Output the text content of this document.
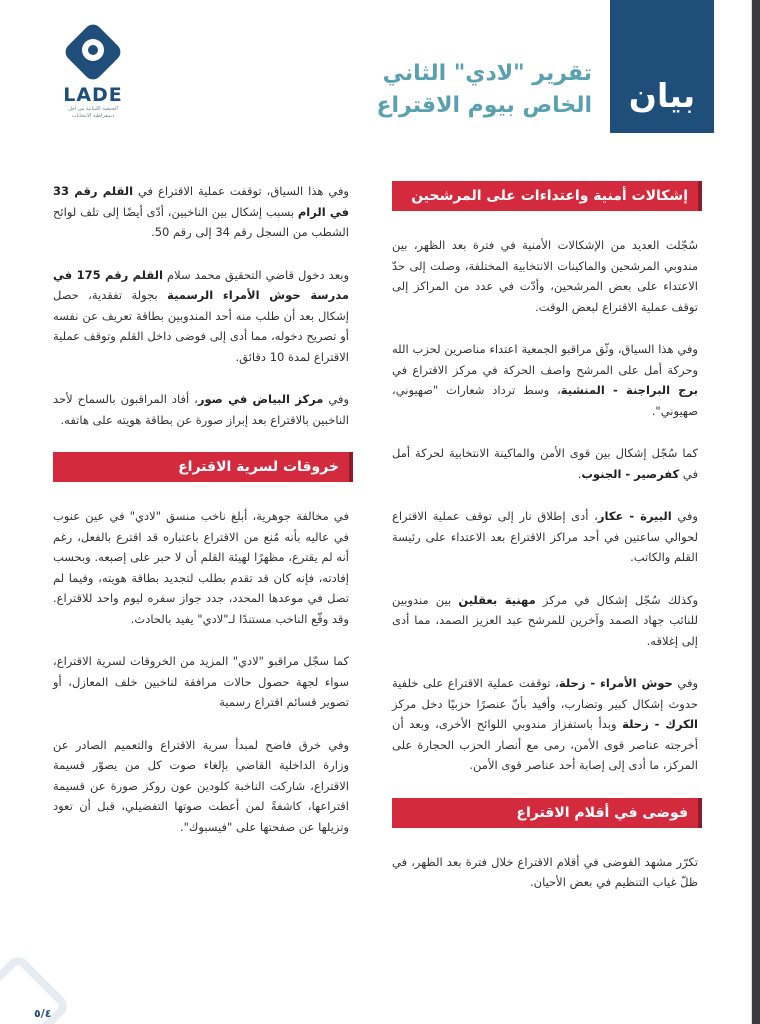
بيان
تقرير "لادي" الثاني
الخاص بيوم الاقتراع
LADE
الجمعية اللبنانية من أجل
ديمقراطية الانتخابات
إشكالات أمنية واعتداءات على المرشحين

سُجّلت العديد من الإشكالات الأمنية في فترة بعد الظهر، بين مندوبي المرشحين والماكينات الانتخابية المختلفة، وصلت إلى حدّ الاعتداء على بعض المرشحين، وأدّت في عدد من المراكز إلى توقف عملية الاقتراع لبعض الوقت.

وفي هذا السياق، وثّق مراقبو الجمعية اعتداء مناصرين لحزب الله وحركة أمل على المرشح واصف الحركة في مركز الاقتراع في برج البراجنة - المنشية، وسط ترداد شعارات "صهيوني، صهيوني".

كما سُجّل إشكال بين قوى الأمن والماكينة الانتخابية لحركة أمل في كفرصير - الجنوب.

وفي البيرة - عكار، أدى إطلاق نار إلى توقف عملية الاقتراع لحوالي ساعتين في أحد مراكز الاقتراع بعد الاعتداء على رئيسة القلم والكاتب.

وكذلك سُجّل إشكال في مركز مهنية بعقلين بين مندوبين للنائب جهاد الصمد وآخرين للمرشح عبد العزيز الصمد، مما أدى إلى إغلاقه.

وفي حوش الأمراء - زحلة، توقفت عملية الاقتراع على خلفية حدوث إشكال كبير وتضارب، وأفيد بأنّ عنصرًا حزبيًا دخل مركز الكرك - زحلة وبدأ باستفزاز مندوبي اللوائح الأخرى، وبعد أن أخرجته عناصر قوى الأمن، رمى مع أنصار الحزب الحجارة على المركز، ما أدى إلى إصابة أحد عناصر قوى الأمن.

فوضى في أقلام الاقتراع

تكرّر مشهد الفوضى في أقلام الاقتراع خلال فترة بعد الظهر، في ظلّ غياب التنظيم في بعض الأحيان.

وفي هذا السياق، توقفت عملية الاقتراع في القلم رقم 33 في الرام بسبب إشكال بين الناخبين، أدّى أيضًا إلى تلف لوائح الشطب من السجل رقم 34 إلى رقم 50.

وبعد دخول قاضي التحقيق محمد سلام القلم رقم 175 في مدرسة حوش الأمراء الرسمية بجولة تفقدية، حصل إشكال بعد أن طلب منه أحد المندوبين بطاقة تعريف عن نفسه أو تصريح دخوله، مما أدى إلى فوضى داخل القلم وتوقف عملية الاقتراع لمدة 10 دقائق.

وفي مركز البياض في صور، أفاد المراقبون بالسماح لأحد الناخبين بالاقتراع بعد إبراز صورة عن بطاقة هويته على هاتفه.

خروقات لسرية الاقتراع

في مخالفة جوهرية، أبلغ ناخب منسق "لادي" في عين عنوب في عاليه بأنه مُنع من الاقتراع باعتباره قد اقترع بالفعل، رغم أنه لم يقترع، مظهرًا لهيئة القلم أن لا حبر على إصبعه. وبحسب إفادته، فإنه كان قد تقدم بطلب لتجديد بطاقة هويته، وفيما لم تصل في موعدها المحدد، جدد جواز سفره ليوم واحد للاقتراع. وقد وقّع الناخب مستندًا لـ"لادي" يفيد بالحادث.

كما سجّل مراقبو "لادي" المزيد من الخروقات لسرية الاقتراع، سواء لجهة حصول حالات مرافقة لناخبين خلف المعازل، أو تصوير قسائم اقتراع رسمية

وفي خرق فاضح لمبدأ سرية الاقتراع والتعميم الصادر عن وزارة الداخلية القاضي بإلغاء صوت كل من يصوّر قسيمة الاقتراع، شاركت الناخبة كلودين عون روكز صورة عن قسيمة اقتراعها، كاشفةً لمن أعطت صوتها التفضيلي، قبل أن تعود وتزيلها عن صفحتها على "فيسبوك".

٥/٤
